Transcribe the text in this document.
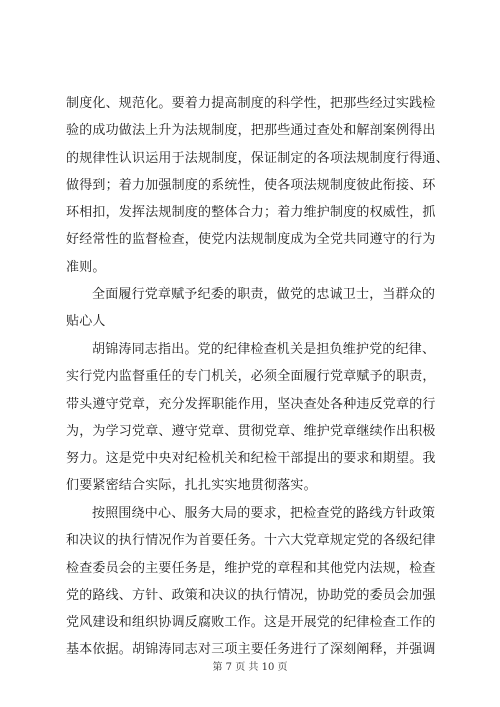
制度化、规范化。要着力提高制度的科学性，把那些经过实践检
验的成功做法上升为法规制度，把那些通过查处和解剖案例得出
的规律性认识运用于法规制度，保证制定的各项法规制度行得通、
做得到；着力加强制度的系统性，使各项法规制度彼此衔接、环
环相扣，发挥法规制度的整体合力；着力维护制度的权威性，抓
好经常性的监督检查，使党内法规制度成为全党共同遵守的行为
准则。
全面履行党章赋予纪委的职责，做党的忠诚卫士，当群众的
贴心人
胡锦涛同志指出。党的纪律检查机关是担负维护党的纪律、
实行党内监督重任的专门机关，必须全面履行党章赋予的职责，
带头遵守党章，充分发挥职能作用，坚决查处各种违反党章的行
为，为学习党章、遵守党章、贯彻党章、维护党章继续作出积极
努力。这是党中央对纪检机关和纪检干部提出的要求和期望。我
们要紧密结合实际，扎扎实实地贯彻落实。
按照围绕中心、服务大局的要求，把检查党的路线方针政策
和决议的执行情况作为首要任务。十六大党章规定党的各级纪律
检查委员会的主要任务是，维护党的章程和其他党内法规，检查
党的路线、方针、政策和决议的执行情况，协助党的委员会加强
党风建设和组织协调反腐败工作。这是开展党的纪律检查工作的
基本依据。胡锦涛同志对三项主要任务进行了深刻阐释，并强调
第 7 页 共 10 页
